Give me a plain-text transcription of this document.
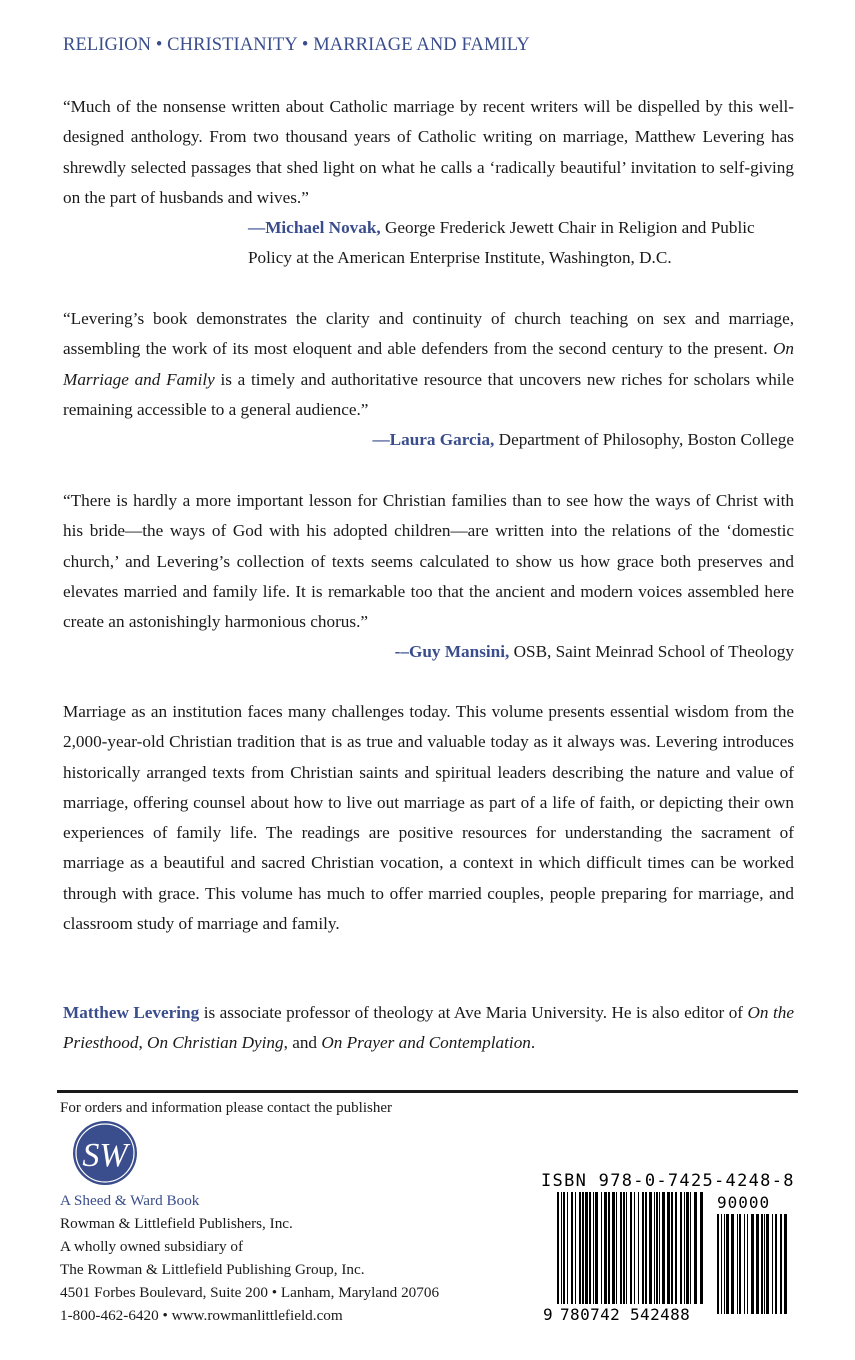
RELIGION • CHRISTIANITY • MARRIAGE AND FAMILY
“Much of the nonsense written about Catholic marriage by recent writers will be dispelled by this well-designed anthology. From two thousand years of Catholic writing on marriage, Matthew Levering has shrewdly selected passages that shed light on what he calls a ‘radically beautiful’ invitation to self-giving on the part of husbands and wives.”
—Michael Novak, George Frederick Jewett Chair in Religion and Public Policy at the American Enterprise Institute, Washington, D.C.
“Levering’s book demonstrates the clarity and continuity of church teaching on sex and marriage, assembling the work of its most eloquent and able defenders from the second century to the present. On Marriage and Family is a timely and authoritative resource that uncovers new riches for scholars while remaining accessible to a general audience.”
—Laura Garcia, Department of Philosophy, Boston College
“There is hardly a more important lesson for Christian families than to see how the ways of Christ with his bride—the ways of God with his adopted children—are written into the relations of the ‘domestic church,’ and Levering’s collection of texts seems calculated to show us how grace both preserves and elevates married and family life. It is remarkable too that the ancient and modern voices assembled here create an astonishingly harmonious chorus.”
-–Guy Mansini, OSB, Saint Meinrad School of Theology
Marriage as an institution faces many challenges today. This volume presents essential wisdom from the 2,000-year-old Christian tradition that is as true and valuable today as it always was. Levering introduces historically arranged texts from Christian saints and spiritual leaders describing the nature and value of marriage, offering counsel about how to live out marriage as part of a life of faith, or depicting their own experiences of family life. The readings are positive resources for understanding the sacrament of marriage as a beautiful and sacred Christian vocation, a context in which difficult times can be worked through with grace. This volume has much to offer married couples, people preparing for marriage, and classroom study of marriage and family.
Matthew Levering is associate professor of theology at Ave Maria University. He is also editor of On the Priesthood, On Christian Dying, and On Prayer and Contemplation.
For orders and information please contact the publisher
SW
A Sheed & Ward Book
Rowman & Littlefield Publishers, Inc.
A wholly owned subsidiary of
The Rowman & Littlefield Publishing Group, Inc.
4501 Forbes Boulevard, Suite 200 • Lanham, Maryland 20706
1-800-462-6420 • www.rowmanlittlefield.com
ISBN 978-0-7425-4248-8
9 780742 542488
90000
